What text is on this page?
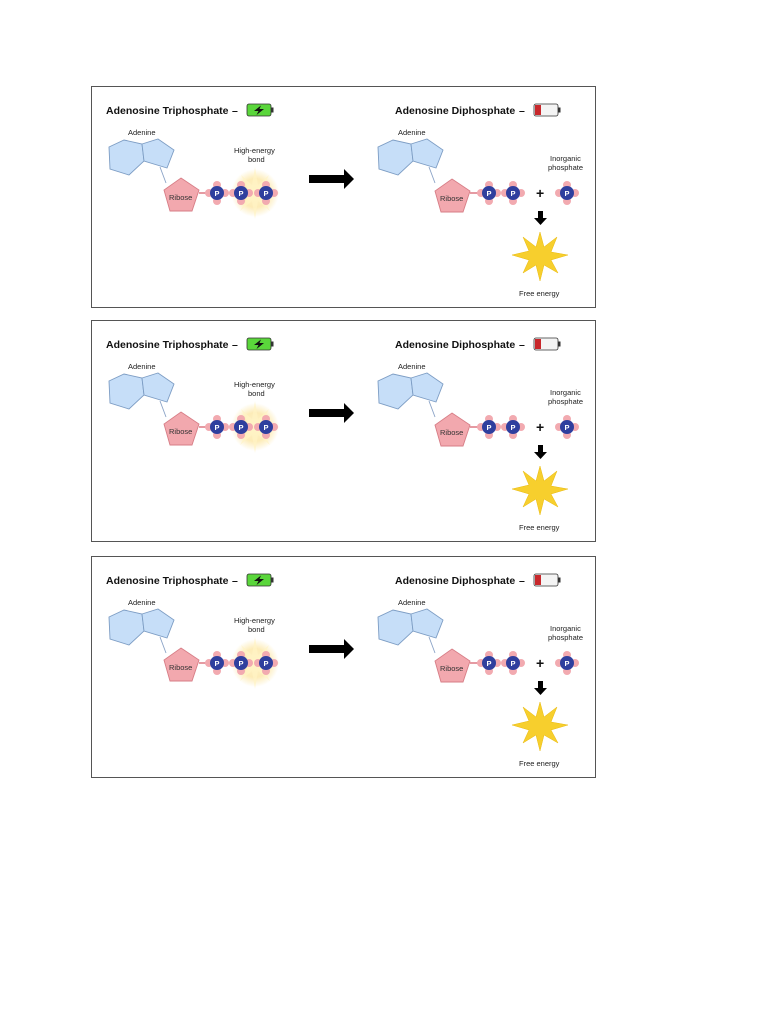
Adenosine Triphosphate –
Adenine
Ribose
High-energy
bond
P	P	P
Adenosine Diphosphate –
Adenine
Ribose
P	P +
Inorganic
phosphate
P
Free energy
Adenosine Triphosphate –
Adenine
Ribose
High-energy
bond
P	P	P
Adenosine Diphosphate –
Adenine
Ribose
P	P +
Inorganic
phosphate
P
Free energy
Adenosine Triphosphate –
Adenine
Ribose
High-energy
bond
P	P	P
Adenosine Diphosphate –
Adenine
Ribose
P	P +
Inorganic
phosphate
P
Free energy
